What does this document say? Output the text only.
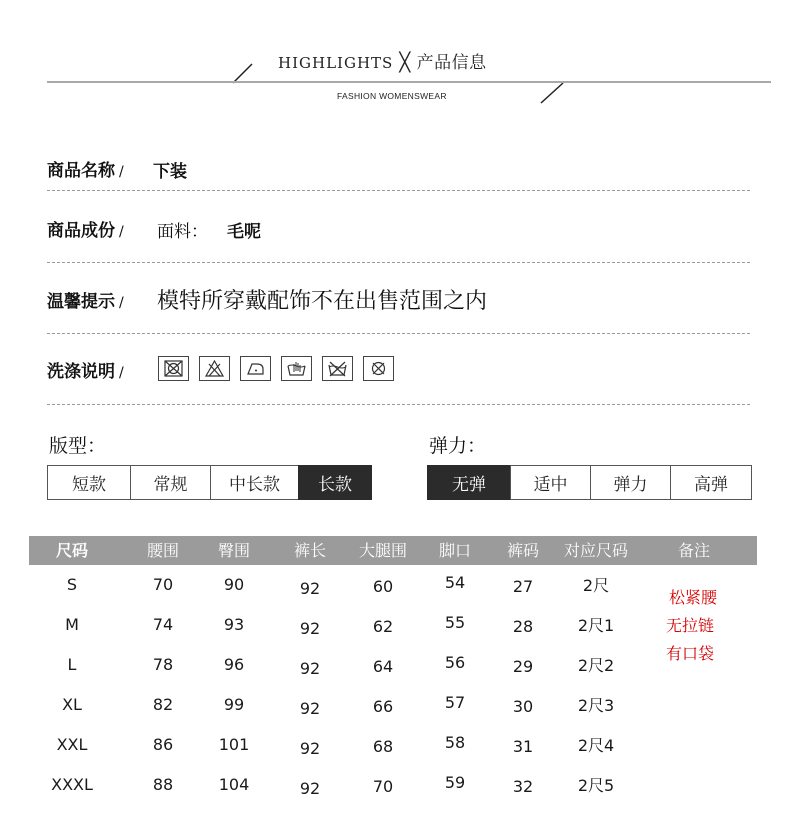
HIGHLIGHTS ╳ 产品信息
FASHION WOMENSWEAR
商品名称 / 下装
商品成份 / 面料： 毛呢
温馨提示 / 模特所穿戴配饰不在出售范围之内
洗涤说明 /
版型：
短款	常规	中长款	长款
弹力：
无弹	适中	弹力	高弹
尺码	腰围 臀围	裤长 大腿围 脚口 裤码 对应尺码	备注
S	70	90	92	60	54	27	2尺
M	74	93	92	62	55	28	2尺1
L	78	96	92	64	56	29	2尺2
XL	82	99	92	66	57	30	2尺3
XXL	86	101	92	68	58	31	2尺4
XXXL	88	104	92	70	59	32	2尺5
松紧腰
无拉链
有口袋
